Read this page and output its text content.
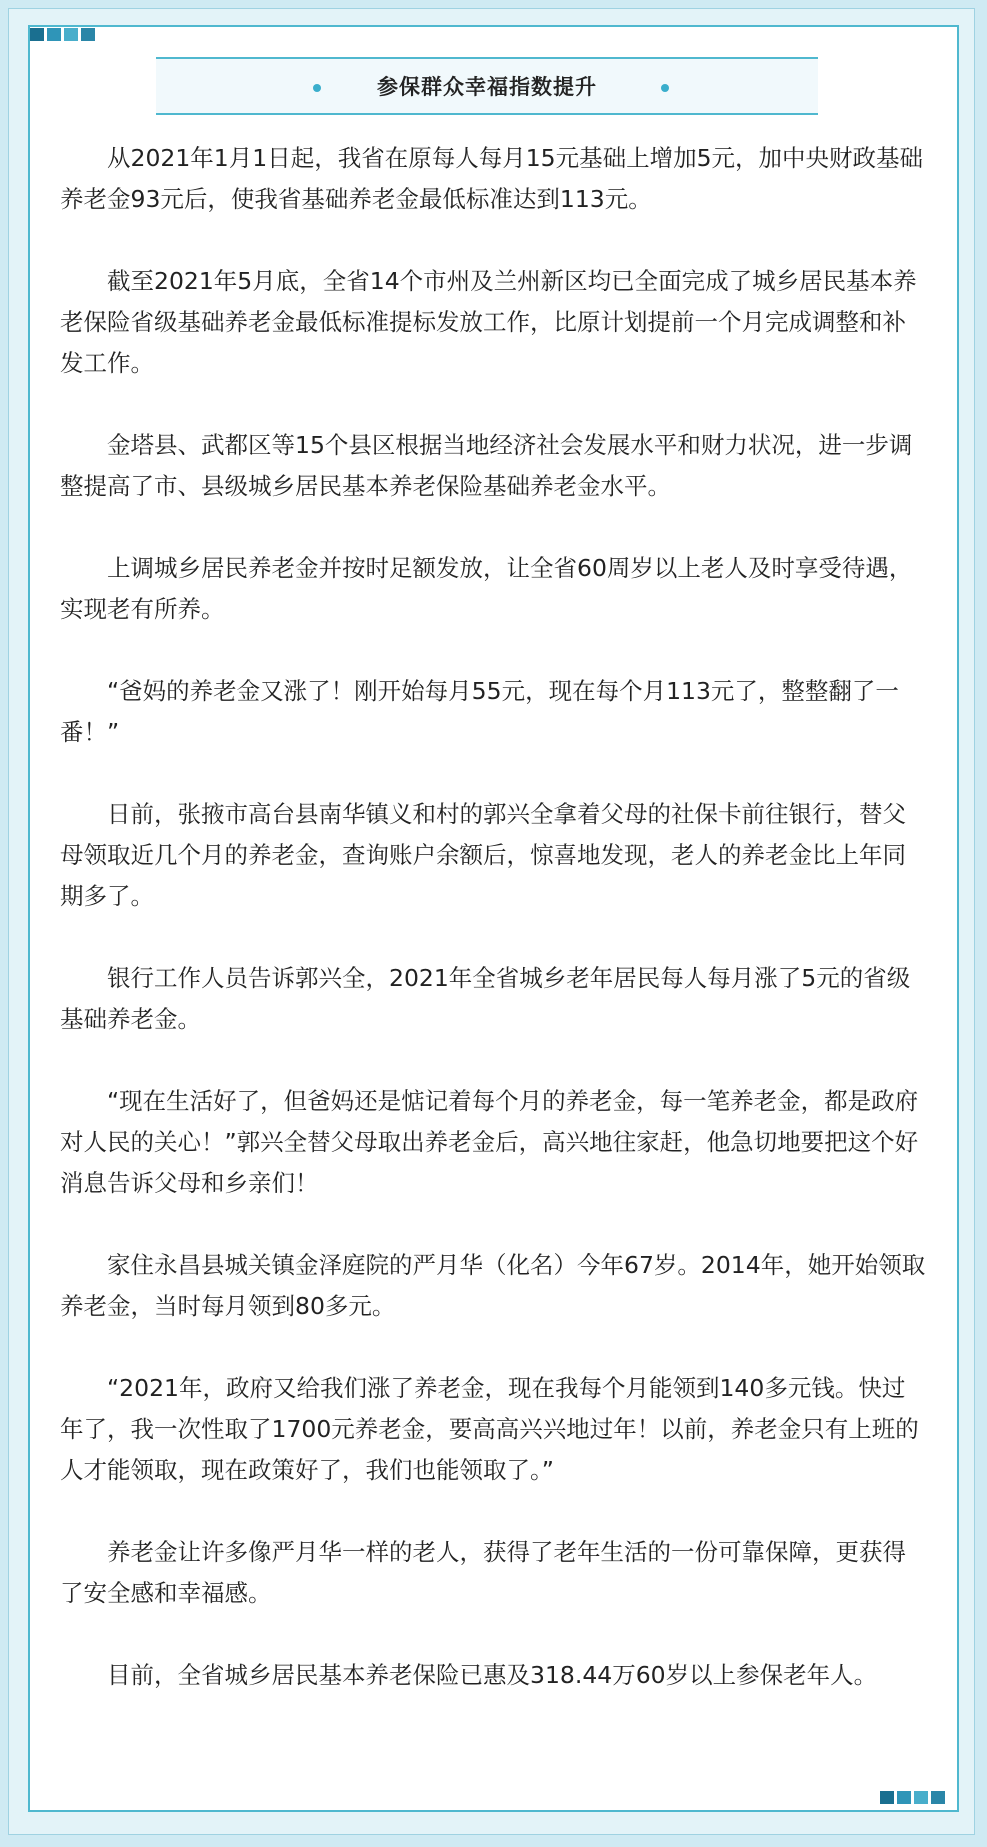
参保群众幸福指数提升

从2021年1月1日起，我省在原每人每月15元基础上增加5元，加中央财政基础养老金93元后，使我省基础养老金最低标准达到113元。

截至2021年5月底，全省14个市州及兰州新区均已全面完成了城乡居民基本养老保险省级基础养老金最低标准提标发放工作，比原计划提前一个月完成调整和补发工作。

金塔县、武都区等15个县区根据当地经济社会发展水平和财力状况，进一步调整提高了市、县级城乡居民基本养老保险基础养老金水平。

上调城乡居民养老金并按时足额发放，让全省60周岁以上老人及时享受待遇，实现老有所养。

“爸妈的养老金又涨了！刚开始每月55元，现在每个月113元了，整整翻了一番！”

日前，张掖市高台县南华镇义和村的郭兴全拿着父母的社保卡前往银行，替父母领取近几个月的养老金，查询账户余额后，惊喜地发现，老人的养老金比上年同期多了。

银行工作人员告诉郭兴全，2021年全省城乡老年居民每人每月涨了5元的省级基础养老金。

“现在生活好了，但爸妈还是惦记着每个月的养老金，每一笔养老金，都是政府对人民的关心！”郭兴全替父母取出养老金后，高兴地往家赶，他急切地要把这个好消息告诉父母和乡亲们！

家住永昌县城关镇金泽庭院的严月华（化名）今年67岁。2014年，她开始领取养老金，当时每月领到80多元。

“2021年，政府又给我们涨了养老金，现在我每个月能领到140多元钱。快过年了，我一次性取了1700元养老金，要高高兴兴地过年！以前，养老金只有上班的人才能领取，现在政策好了，我们也能领取了。”

养老金让许多像严月华一样的老人，获得了老年生活的一份可靠保障，更获得了安全感和幸福感。

目前，全省城乡居民基本养老保险已惠及318.44万60岁以上参保老年人。
